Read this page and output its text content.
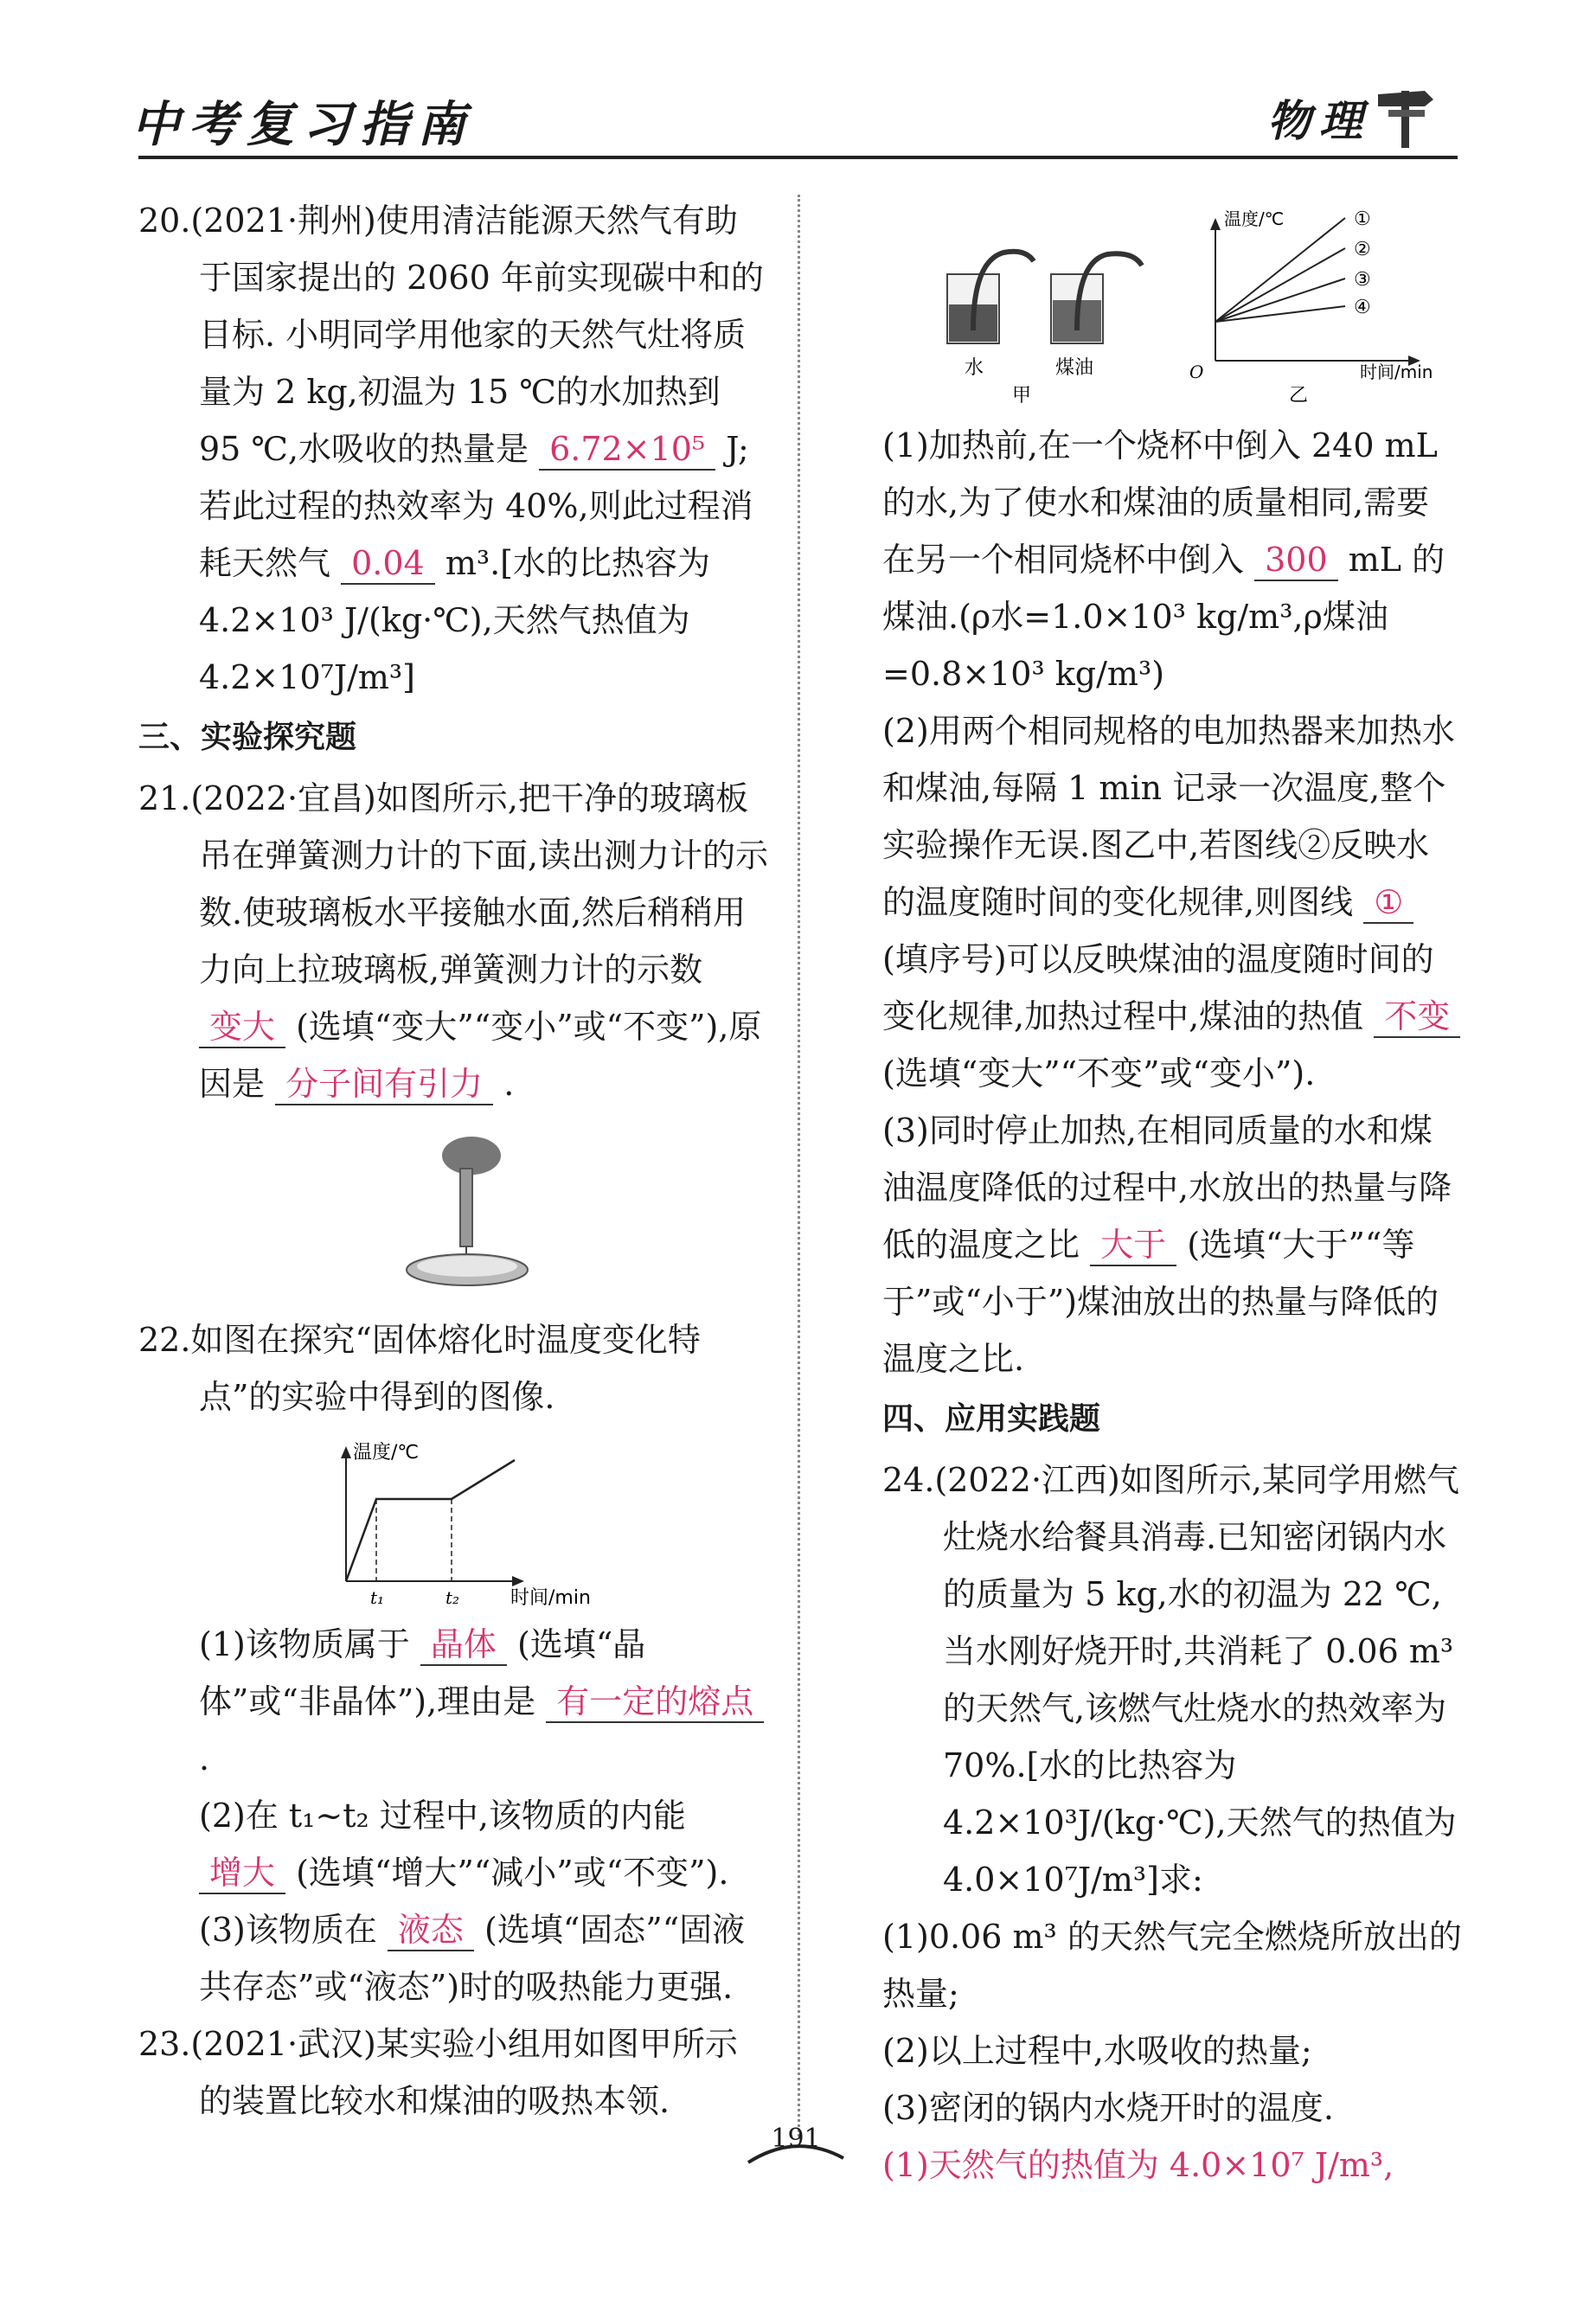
中考复习指南	物理
20.(2021·荆州)使用清洁能源天然气有助于国家提出的 2060 年前实现碳中和的目标. 小明同学用他家的天然气灶将质量为 2 kg,初温为 15 ℃的水加热到 95 ℃,水吸收的热量是 6.72×10⁵ J;若此过程的热效率为 40%,则此过程消耗天然气 0.04 m³.[水的比热容为 4.2×10³ J/(kg·℃),天然气热值为 4.2×10⁷J/m³]
三、实验探究题
21.(2022·宜昌)如图所示,把干净的玻璃板吊在弹簧测力计的下面,读出测力计的示数.使玻璃板水平接触水面,然后稍稍用力向上拉玻璃板,弹簧测力计的示数 变大 (选填“变大”“变小”或“不变”),原因是 分子间有引力 .
22.如图在探究“固体熔化时温度变化特点”的实验中得到的图像.
温度/℃
时间/min
t₁	t₂
(1)该物质属于 晶体 (选填“晶体”或“非晶体”),理由是 有一定的熔点 .
(2)在 t₁~t₂ 过程中,该物质的内能 增大 (选填“增大”“减小”或“不变”).
(3)该物质在 液态 (选填“固态”“固液共存态”或“液态”)时的吸热能力更强.
23.(2021·武汉)某实验小组用如图甲所示的装置比较水和煤油的吸热本领.
水	煤油
甲
温度/℃
时间/min
O
①
②
③
④
乙
(1)加热前,在一个烧杯中倒入 240 mL 的水,为了使水和煤油的质量相同,需要在另一个相同烧杯中倒入 300 mL 的煤油.(ρ水=1.0×10³ kg/m³,ρ煤油=0.8×10³ kg/m³)
(2)用两个相同规格的电加热器来加热水和煤油,每隔 1 min 记录一次温度,整个实验操作无误.图乙中,若图线②反映水的温度随时间的变化规律,则图线 ① (填序号)可以反映煤油的温度随时间的变化规律,加热过程中,煤油的热值 不变 (选填“变大”“不变”或“变小”).
(3)同时停止加热,在相同质量的水和煤油温度降低的过程中,水放出的热量与降低的温度之比 大于 (选填“大于”“等于”或“小于”)煤油放出的热量与降低的温度之比.
四、应用实践题
24.(2022·江西)如图所示,某同学用燃气灶烧水给餐具消毒.已知密闭锅内水的质量为 5 kg,水的初温为 22 ℃,当水刚好烧开时,共消耗了 0.06 m³ 的天然气,该燃气灶烧水的热效率为 70%.[水的比热容为 4.2×10³J/(kg·℃),天然气的热值为 4.0×10⁷J/m³]求:
(1)0.06 m³ 的天然气完全燃烧所放出的热量;
(2)以上过程中,水吸收的热量;
(3)密闭的锅内水烧开时的温度.
(1)天然气的热值为 4.0×10⁷ J/m³,
191
